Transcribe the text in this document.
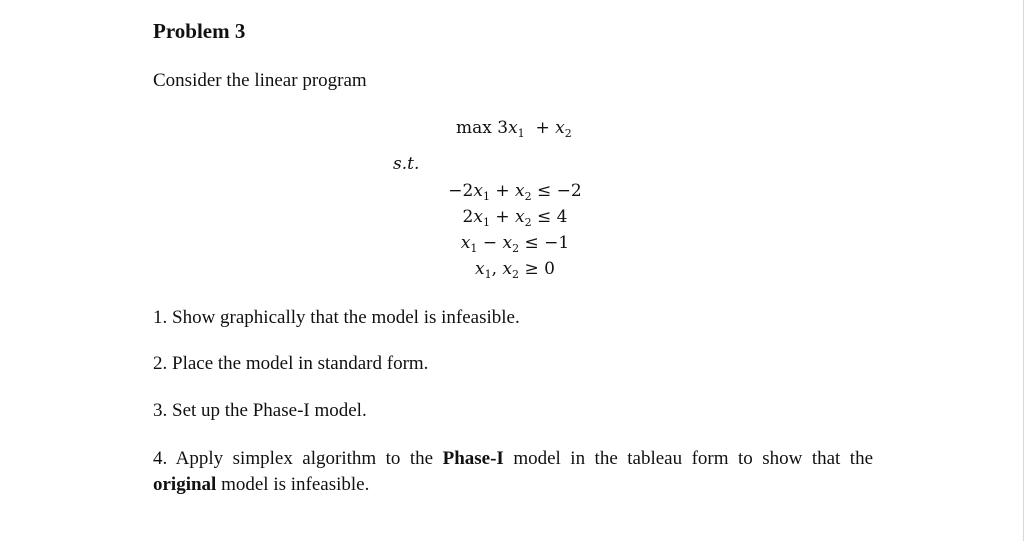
Problem 3
Consider the linear program
$\max 3x_1 + x_2$
s.t.
$-2x_1 + x_2 \le -2$
$2x_1 + x_2 \le 4$
$x_1 - x_2 \le -1$
$x_1$, $x_2 \ge 0$
1. Show graphically that the model is infeasible.
2. Place the model in standard form.
3. Set up the Phase-I model.
4. Apply simplex algorithm to the Phase-I model in the tableau form to show that the
original model is infeasible.
